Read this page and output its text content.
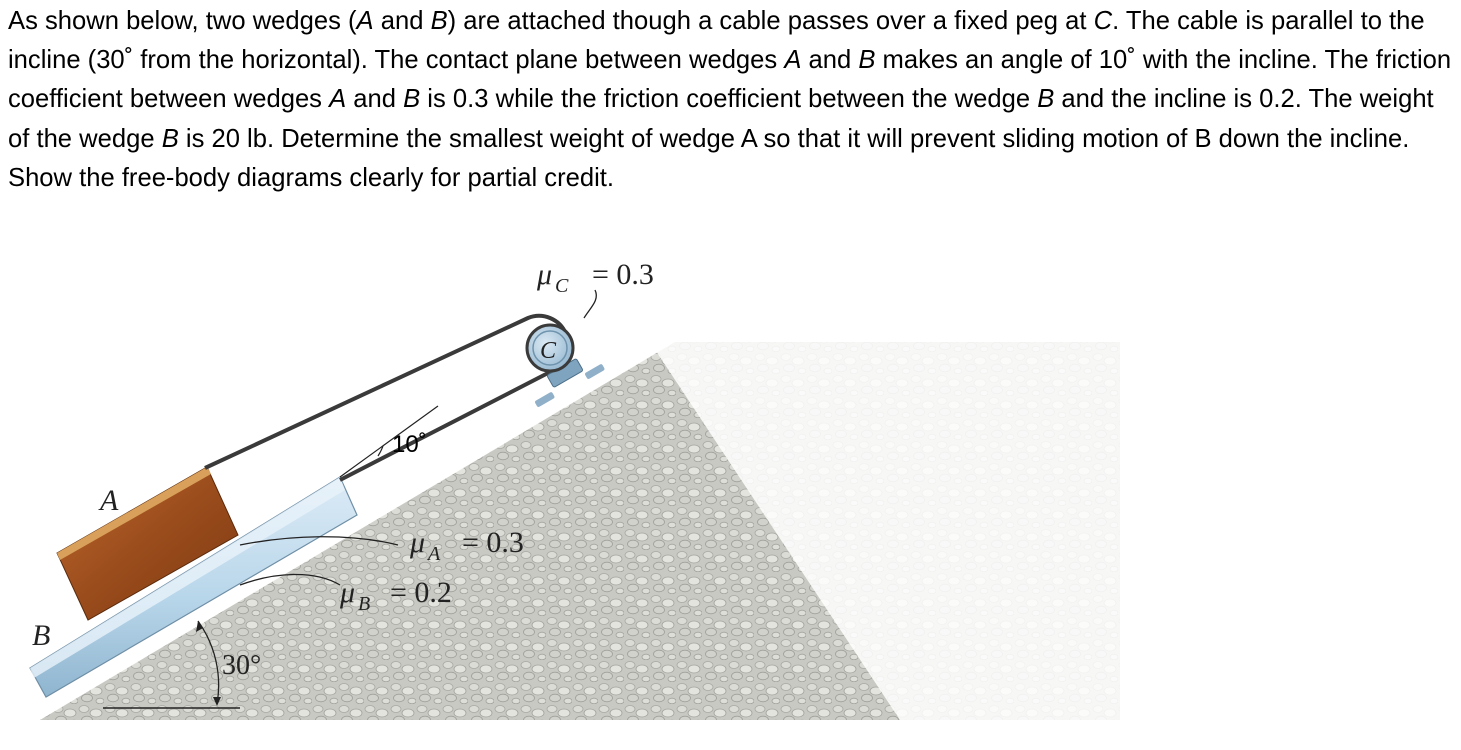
As shown below, two wedges (A and B) are attached though a cable passes over a fixed peg at C. The cable is parallel to the incline (30˚ from the horizontal). The contact plane between wedges A and B makes an angle of 10˚ with the incline. The friction coefficient between wedges A and B is 0.3 while the friction coefficient between the wedge B and the incline is 0.2. The weight of the wedge B is 20 lb. Determine the smallest weight of wedge A so that it will prevent sliding motion of B down the incline. Show the free-body diagrams clearly for partial credit.
C
10˚
A
B
μ C = 0.3
μ A = 0.3
μ B = 0.2
30°
